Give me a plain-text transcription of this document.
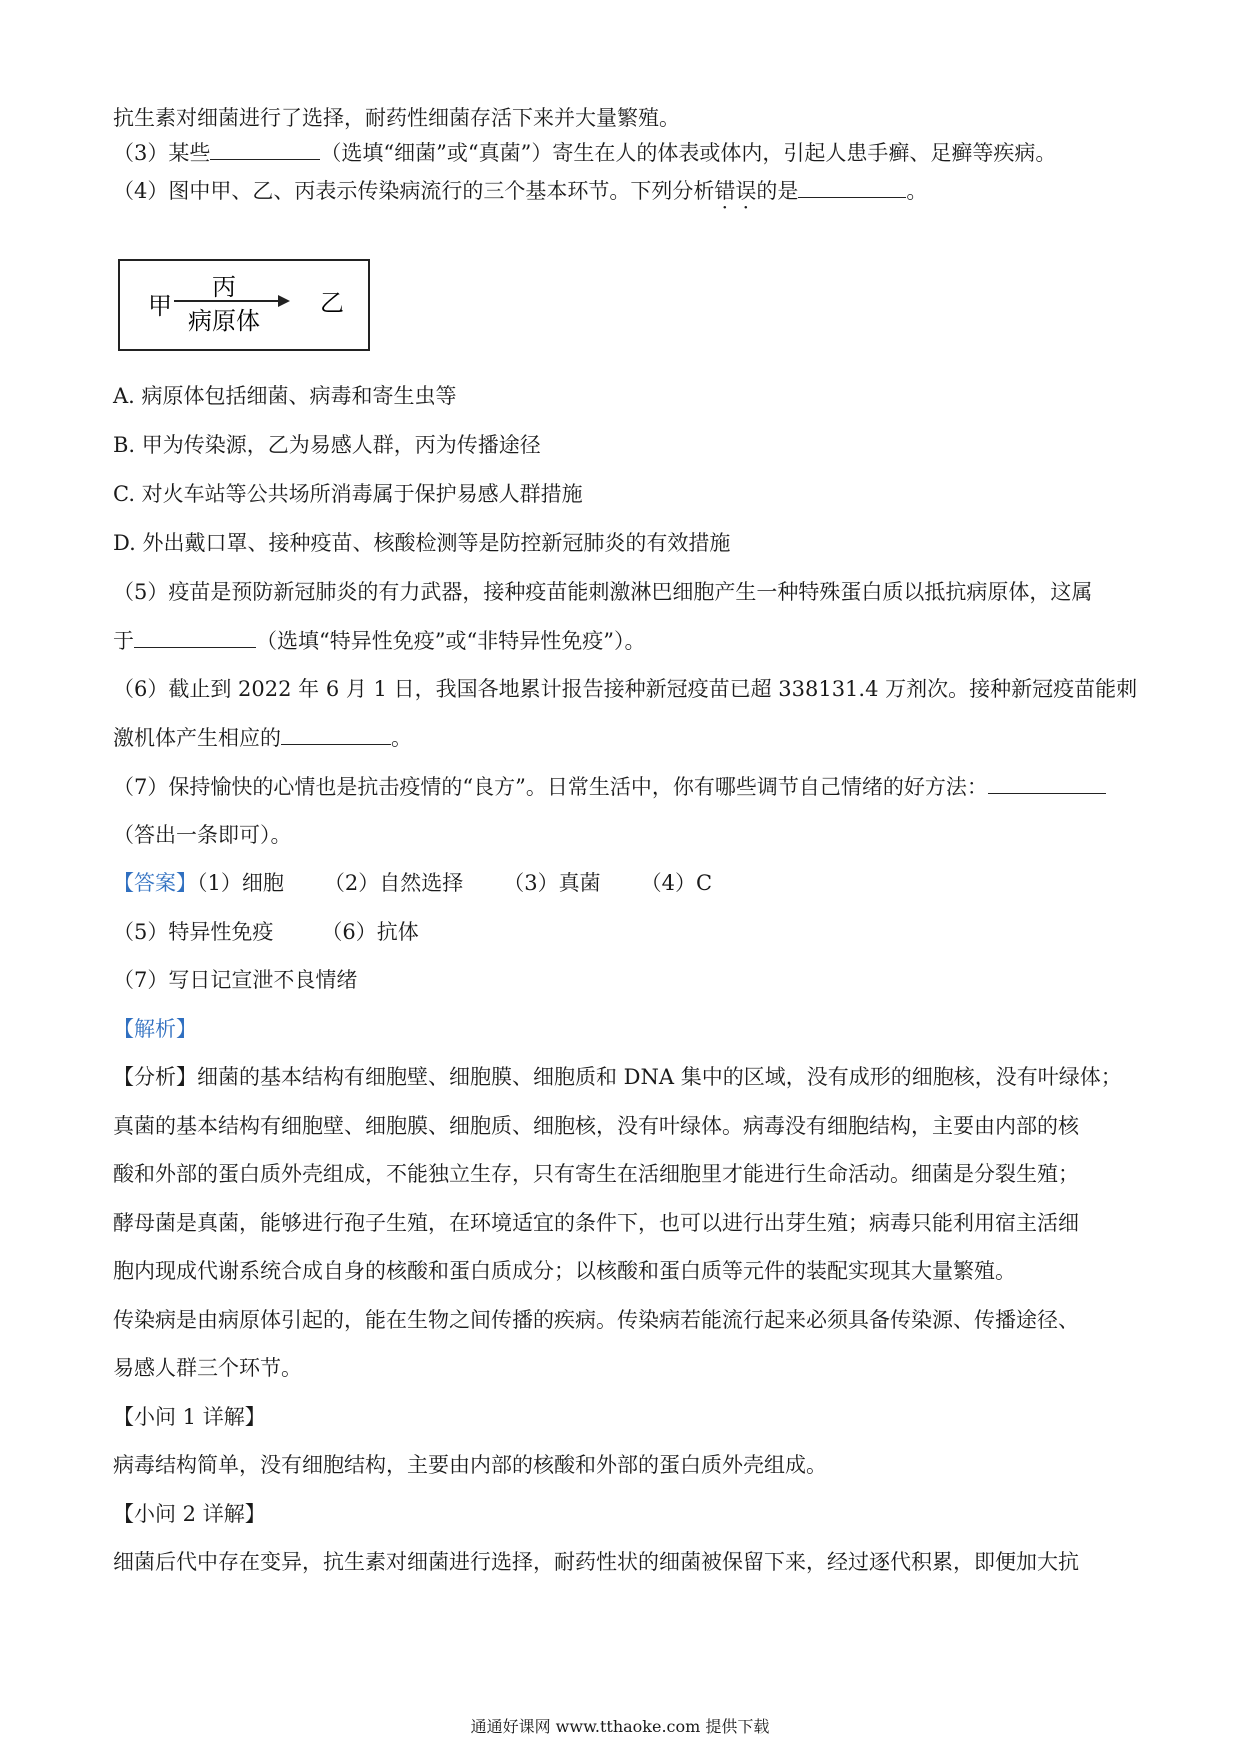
抗生素对细菌进行了选择，耐药性细菌存活下来并大量繁殖。
（3）某些	（选填“细菌”或“真菌”）寄生在人的体表或体内，引起人患手癣、足癣等疾病。
（4）图中甲、乙、丙表示传染病流行的三个基本环节。下列分析错误的是	。
甲
丙
病原体
乙
A. 病原体包括细菌、病毒和寄生虫等
B. 甲为传染源，乙为易感人群，丙为传播途径
C. 对火车站等公共场所消毒属于保护易感人群措施
D. 外出戴口罩、接种疫苗、核酸检测等是防控新冠肺炎的有效措施
（5）疫苗是预防新冠肺炎的有力武器，接种疫苗能刺激淋巴细胞产生一种特殊蛋白质以抵抗病原体，这属
于	（选填“特异性免疫”或“非特异性免疫”）。
（6）截止到 2022 年 6 月 1 日，我国各地累计报告接种新冠疫苗已超 338131.4 万剂次。接种新冠疫苗能刺
激机体产生相应的	。
（7）保持愉快的心情也是抗击疫情的“良方”。日常生活中，你有哪些调节自己情绪的好方法：
（答出一条即可）。
【答案】（1）细胞 （2）自然选择 （3）真菌 （4）C
（5）特异性免疫 （6）抗体
（7）写日记宣泄不良情绪
【解析】
【分析】细菌的基本结构有细胞壁、细胞膜、细胞质和 DNA 集中的区域，没有成形的细胞核，没有叶绿体；
真菌的基本结构有细胞壁、细胞膜、细胞质、细胞核，没有叶绿体。病毒没有细胞结构，主要由内部的核
酸和外部的蛋白质外壳组成，不能独立生存，只有寄生在活细胞里才能进行生命活动。细菌是分裂生殖；
酵母菌是真菌，能够进行孢子生殖，在环境适宜的条件下，也可以进行出芽生殖；病毒只能利用宿主活细
胞内现成代谢系统合成自身的核酸和蛋白质成分；以核酸和蛋白质等元件的装配实现其大量繁殖。
传染病是由病原体引起的，能在生物之间传播的疾病。传染病若能流行起来必须具备传染源、传播途径、
易感人群三个环节。
【小问 1 详解】
病毒结构简单，没有细胞结构，主要由内部的核酸和外部的蛋白质外壳组成。
【小问 2 详解】
细菌后代中存在变异，抗生素对细菌进行选择，耐药性状的细菌被保留下来，经过逐代积累，即便加大抗
通通好课网 www.tthaoke.com 提供下载
